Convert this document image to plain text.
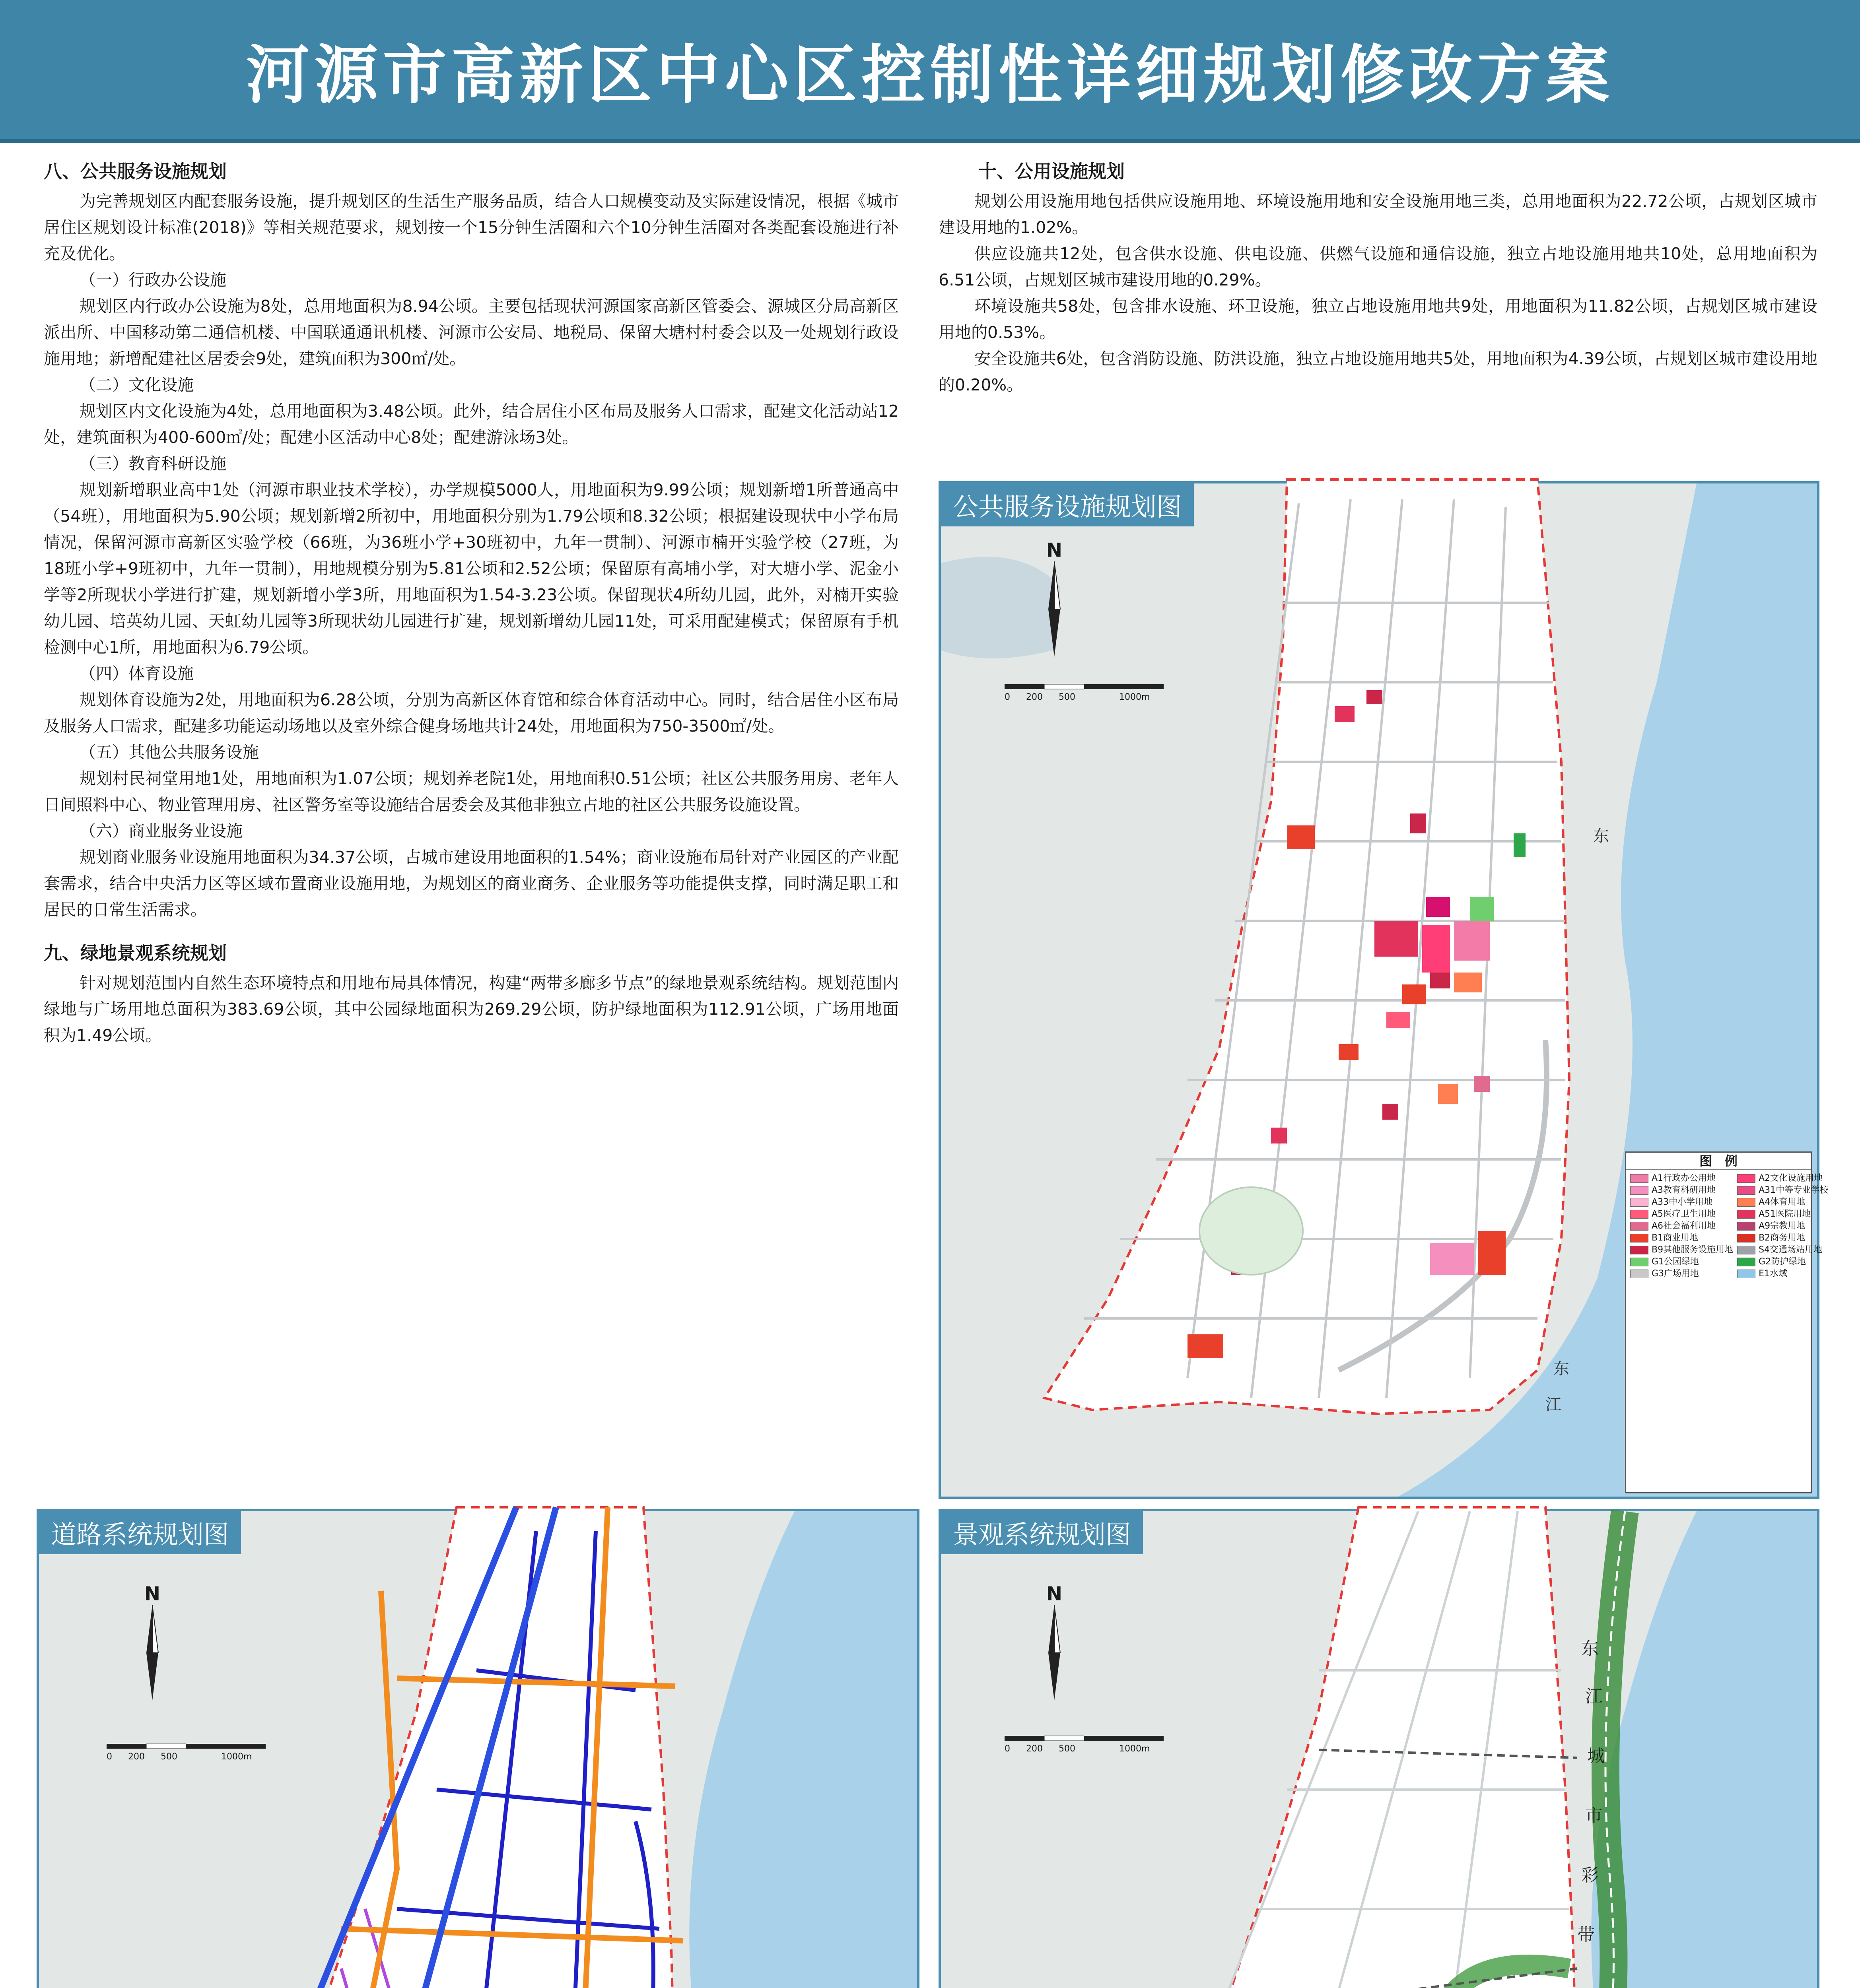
河源市高新区中心区控制性详细规划修改方案
八、公共服务设施规划

为完善规划区内配套服务设施，提升规划区的生活生产服务品质，结合人口规模变动及实际建设情况，根据《城市居住区规划设计标准(2018)》等相关规范要求，规划按一个15分钟生活圈和六个10分钟生活圈对各类配套设施进行补充及优化。

（一）行政办公设施

规划区内行政办公设施为8处，总用地面积为8.94公顷。主要包括现状河源国家高新区管委会、源城区分局高新区派出所、中国移动第二通信机楼、中国联通通讯机楼、河源市公安局、地税局、保留大塘村村委会以及一处规划行政设施用地；新增配建社区居委会9处，建筑面积为300㎡/处。

（二）文化设施

规划区内文化设施为4处，总用地面积为3.48公顷。此外，结合居住小区布局及服务人口需求，配建文化活动站12处，建筑面积为400-600㎡/处；配建小区活动中心8处；配建游泳场3处。

（三）教育科研设施

规划新增职业高中1处（河源市职业技术学校），办学规模5000人，用地面积为9.99公顷；规划新增1所普通高中（54班），用地面积为5.90公顷；规划新增2所初中，用地面积分别为1.79公顷和8.32公顷；根据建设现状中小学布局情况，保留河源市高新区实验学校（66班，为36班小学+30班初中，九年一贯制）、河源市楠开实验学校（27班，为18班小学+9班初中，九年一贯制），用地规模分别为5.81公顷和2.52公顷；保留原有高埔小学，对大塘小学、泥金小学等2所现状小学进行扩建，规划新增小学3所，用地面积为1.54-3.23公顷。保留现状4所幼儿园，此外，对楠开实验幼儿园、培英幼儿园、天虹幼儿园等3所现状幼儿园进行扩建，规划新增幼儿园11处，可采用配建模式；保留原有手机检测中心1所，用地面积为6.79公顷。

（四）体育设施

规划体育设施为2处，用地面积为6.28公顷，分别为高新区体育馆和综合体育活动中心。同时，结合居住小区布局及服务人口需求，配建多功能运动场地以及室外综合健身场地共计24处，用地面积为750-3500㎡/处。

（五）其他公共服务设施

规划村民祠堂用地1处，用地面积为1.07公顷；规划养老院1处，用地面积0.51公顷；社区公共服务用房、老年人日间照料中心、物业管理用房、社区警务室等设施结合居委会及其他非独立占地的社区公共服务设施设置。

（六）商业服务业设施

规划商业服务业设施用地面积为34.37公顷，占城市建设用地面积的1.54%；商业设施布局针对产业园区的产业配套需求，结合中央活力区等区域布置商业设施用地，为规划区的商业商务、企业服务等功能提供支撑，同时满足职工和居民的日常生活需求。

九、绿地景观系统规划

针对规划范围内自然生态环境特点和用地布局具体情况，构建“两带多廊多节点”的绿地景观系统结构。规划范围内绿地与广场用地总面积为383.69公顷，其中公园绿地面积为269.29公顷，防护绿地面积为112.91公顷，广场用地面积为1.49公顷。

十、公用设施规划

规划公用设施用地包括供应设施用地、环境设施用地和安全设施用地三类，总用地面积为22.72公顷，占规划区城市建设用地的1.02%。

供应设施共12处，包含供水设施、供电设施、供燃气设施和通信设施，独立占地设施用地共10处，总用地面积为6.51公顷，占规划区城市建设用地的0.29%。

环境设施共58处，包含排水设施、环卫设施，独立占地设施用地共9处，用地面积为11.82公顷，占规划区城市建设用地的0.53%。

安全设施共6处，包含消防设施、防洪设施，独立占地设施用地共5处，用地面积为4.39公顷，占规划区城市建设用地的0.20%。

公共服务设施规划图
东
东
江
N
0 200 500	1000m
图　例
A1行政办公用地	A2文化设施用地
A3教育科研用地	A31中等专业学校
A33中小学用地	A4体育用地
A5医疗卫生用地	A51医院用地
A6社会福利用地	A9宗教用地
B1商业用地	B2商务用地
B9其他服务设施用地	S4交通场站用地
G1公园绿地	G2防护绿地
G3广场用地	E1水域
道路系统规划图
N
0 200 500	1000m
景观系统规划图
东
江
城
市
彩
带
N
0 200 500	1000m
